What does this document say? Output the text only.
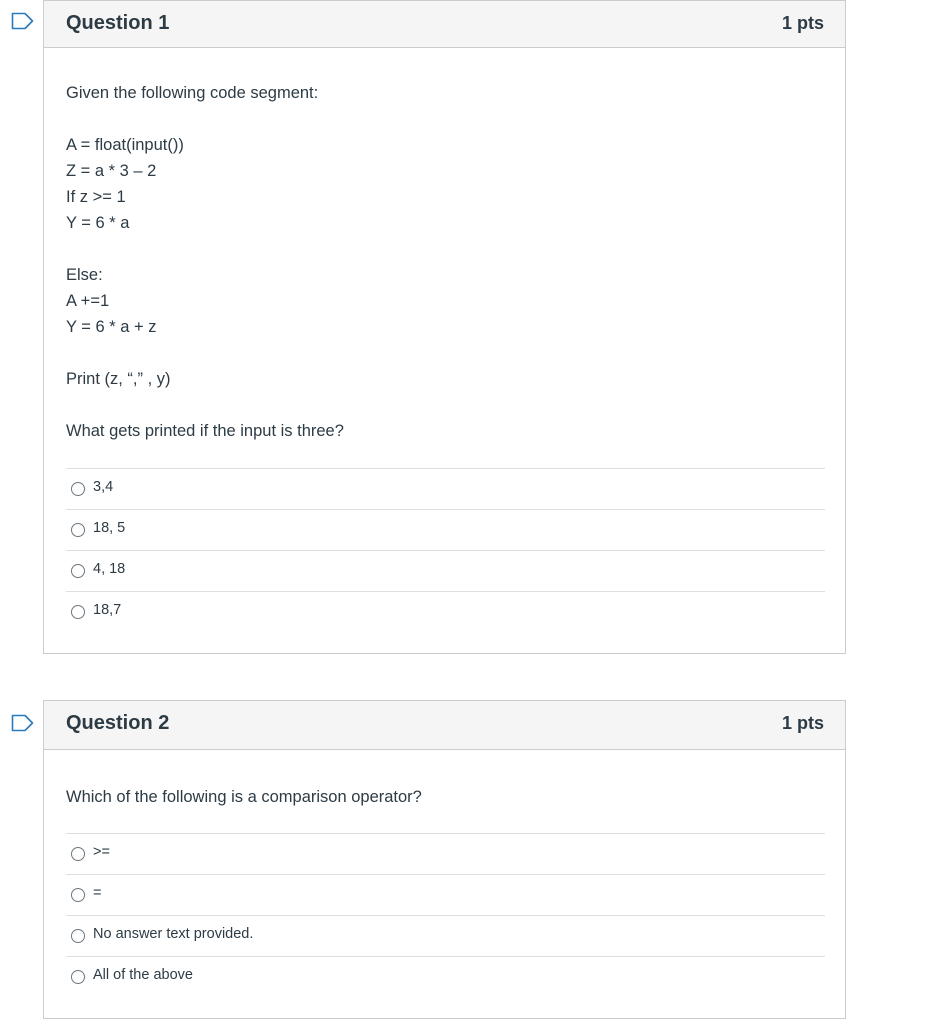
Question 1	1 pts

Given the following code segment:

A = float(input())

Z = a * 3 – 2

If z >= 1

Y = 6 * a

Else:

A +=1

Y = 6 * a + z

Print (z, “,” , y)

What gets printed if the input is three?

3,4
18, 5
4, 18
18,7
Question 2	1 pts

Which of the following is a comparison operator?

>=
=
No answer text provided.
All of the above
